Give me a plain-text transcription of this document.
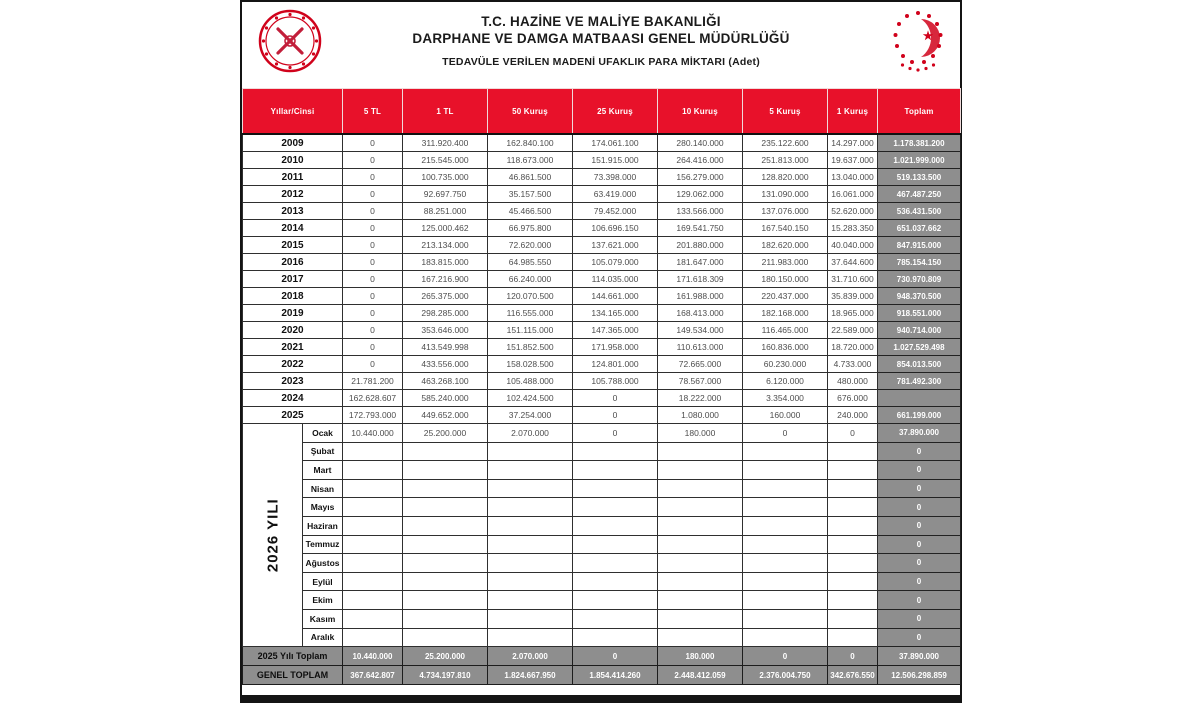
T.C. HAZİNE VE MALİYE BAKANLIĞI
DARPHANE VE DAMGA MATBAASI GENEL MÜDÜRLÜĞÜ
TEDAVÜLE VERİLEN MADENİ UFAKLIK PARA MİKTARI (Adet)
Yıllar/Cinsi		5 TL	1 TL	50 Kuruş	25 Kuruş	10 Kuruş	5 Kuruş	1 Kuruş	Toplam
2009		0	311.920.400	162.840.100	174.061.100	280.140.000	235.122.600	14.297.000	1.178.381.200
2010		0	215.545.000	118.673.000	151.915.000	264.416.000	251.813.000	19.637.000	1.021.999.000
2011		0	100.735.000	46.861.500	73.398.000	156.279.000	128.820.000	13.040.000	519.133.500
2012		0	92.697.750	35.157.500	63.419.000	129.062.000	131.090.000	16.061.000	467.487.250
2013		0	88.251.000	45.466.500	79.452.000	133.566.000	137.076.000	52.620.000	536.431.500
2014		0	125.000.462	66.975.800	106.696.150	169.541.750	167.540.150	15.283.350	651.037.662
2015		0	213.134.000	72.620.000	137.621.000	201.880.000	182.620.000	40.040.000	847.915.000
2016		0	183.815.000	64.985.550	105.079.000	181.647.000	211.983.000	37.644.600	785.154.150
2017		0	167.216.900	66.240.000	114.035.000	171.618.309	180.150.000	31.710.600	730.970.809
2018		0	265.375.000	120.070.500	144.661.000	161.988.000	220.437.000	35.839.000	948.370.500
2019		0	298.285.000	116.555.000	134.165.000	168.413.000	182.168.000	18.965.000	918.551.000
2020		0	353.646.000	151.115.000	147.365.000	149.534.000	116.465.000	22.589.000	940.714.000
2021		0	413.549.998	151.852.500	171.958.000	110.613.000	160.836.000	18.720.000	1.027.529.498
2022		0	433.556.000	158.028.500	124.801.000	72.665.000	60.230.000	4.733.000	854.013.500
2023		21.781.200	463.268.100	105.488.000	105.788.000	78.567.000	6.120.000	480.000	781.492.300
2024		162.628.607	585.240.000	102.424.500	0	18.222.000	3.354.000	676.000	
2025		172.793.000	449.652.000	37.254.000	0	1.080.000	160.000	240.000	661.199.000
2026 YILI	Ocak	10.440.000	25.200.000	2.070.000	0	180.000	0	0	37.890.000
	Şubat								0
	Mart								0
	Nisan								0
	Mayıs								0
	Haziran								0
	Temmuz								0
	Ağustos								0
	Eylül								0
	Ekim								0
	Kasım								0
	Aralık								0
2025 Yılı Toplam		10.440.000	25.200.000	2.070.000	0	180.000	0	0	37.890.000
GENEL TOPLAM		367.642.807	4.734.197.810	1.824.667.950	1.854.414.260	2.448.412.059	2.376.004.750	342.676.550	12.506.298.859
